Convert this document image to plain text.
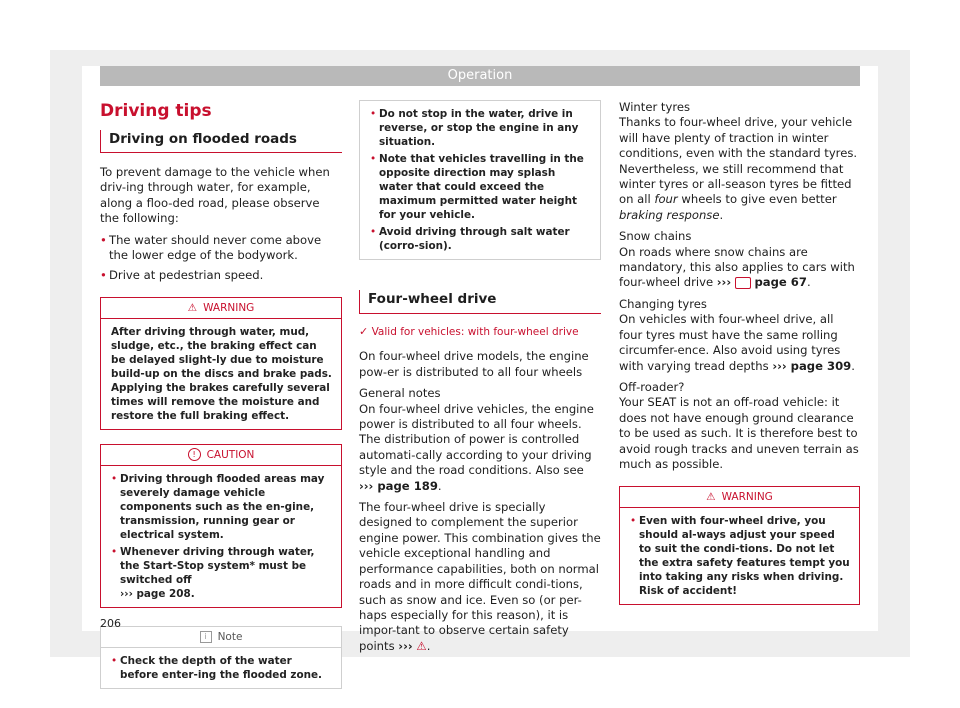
Operation
Driving tips
Driving on flooded roads

To prevent damage to the vehicle when driv-ing through water, for example, along a floo-ded road, please observe the following:

• The water should never come above the lower edge of the bodywork.

• Drive at pedestrian speed.

⚠ WARNING
After driving through water, mud, sludge, etc., the braking effect can be delayed slight-ly due to moisture build-up on the discs and brake pads. Applying the brakes carefully several times will remove the moisture and restore the full braking effect.
!	CAUTION
• Driving through flooded areas may severely damage vehicle components such as the en-gine, transmission, running gear or electrical system.
• Whenever driving through water, the Start-Stop system* must be switched off
››› page 208.
i	Note
• Check the depth of the water before enter-ing the flooded zone.
• Do not stop in the water, drive in reverse, or stop the engine in any situation.
• Note that vehicles travelling in the opposite direction may splash water that could exceed the maximum permitted water height for your vehicle.
• Avoid driving through salt water (corro-sion).
Four-wheel drive

✓ Valid for vehicles: with four-wheel drive

On four-wheel drive models, the engine pow-er is distributed to all four wheels

General notes

On four-wheel drive vehicles, the engine power is distributed to all four wheels. The distribution of power is controlled automati-cally according to your driving style and the road conditions. Also see ››› page 189.

The four-wheel drive is specially designed to complement the superior engine power. This combination gives the vehicle exceptional handling and performance capabilities, both on normal roads and in more difficult condi-tions, such as snow and ice. Even so (or per-haps especially for this reason), it is impor-tant to observe certain safety points ››› ⚠.

Winter tyres

Thanks to four-wheel drive, your vehicle will have plenty of traction in winter conditions, even with the standard tyres. Nevertheless, we still recommend that winter tyres or all-season tyres be fitted on all four wheels to give even better braking response.

Snow chains

On roads where snow chains are mandatory, this also applies to cars with four-wheel drive ››› page 67.

Changing tyres

On vehicles with four-wheel drive, all four tyres must have the same rolling circumfer-ence. Also avoid using tyres with varying tread depths ››› page 309.

Off-roader?

Your SEAT is not an off-road vehicle: it does not have enough ground clearance to be used as such. It is therefore best to avoid rough tracks and uneven terrain as much as possible.

⚠ WARNING
• Even with four-wheel drive, you should al-ways adjust your speed to suit the condi-tions. Do not let the extra safety features tempt you into taking any risks when driving. Risk of accident!
206
